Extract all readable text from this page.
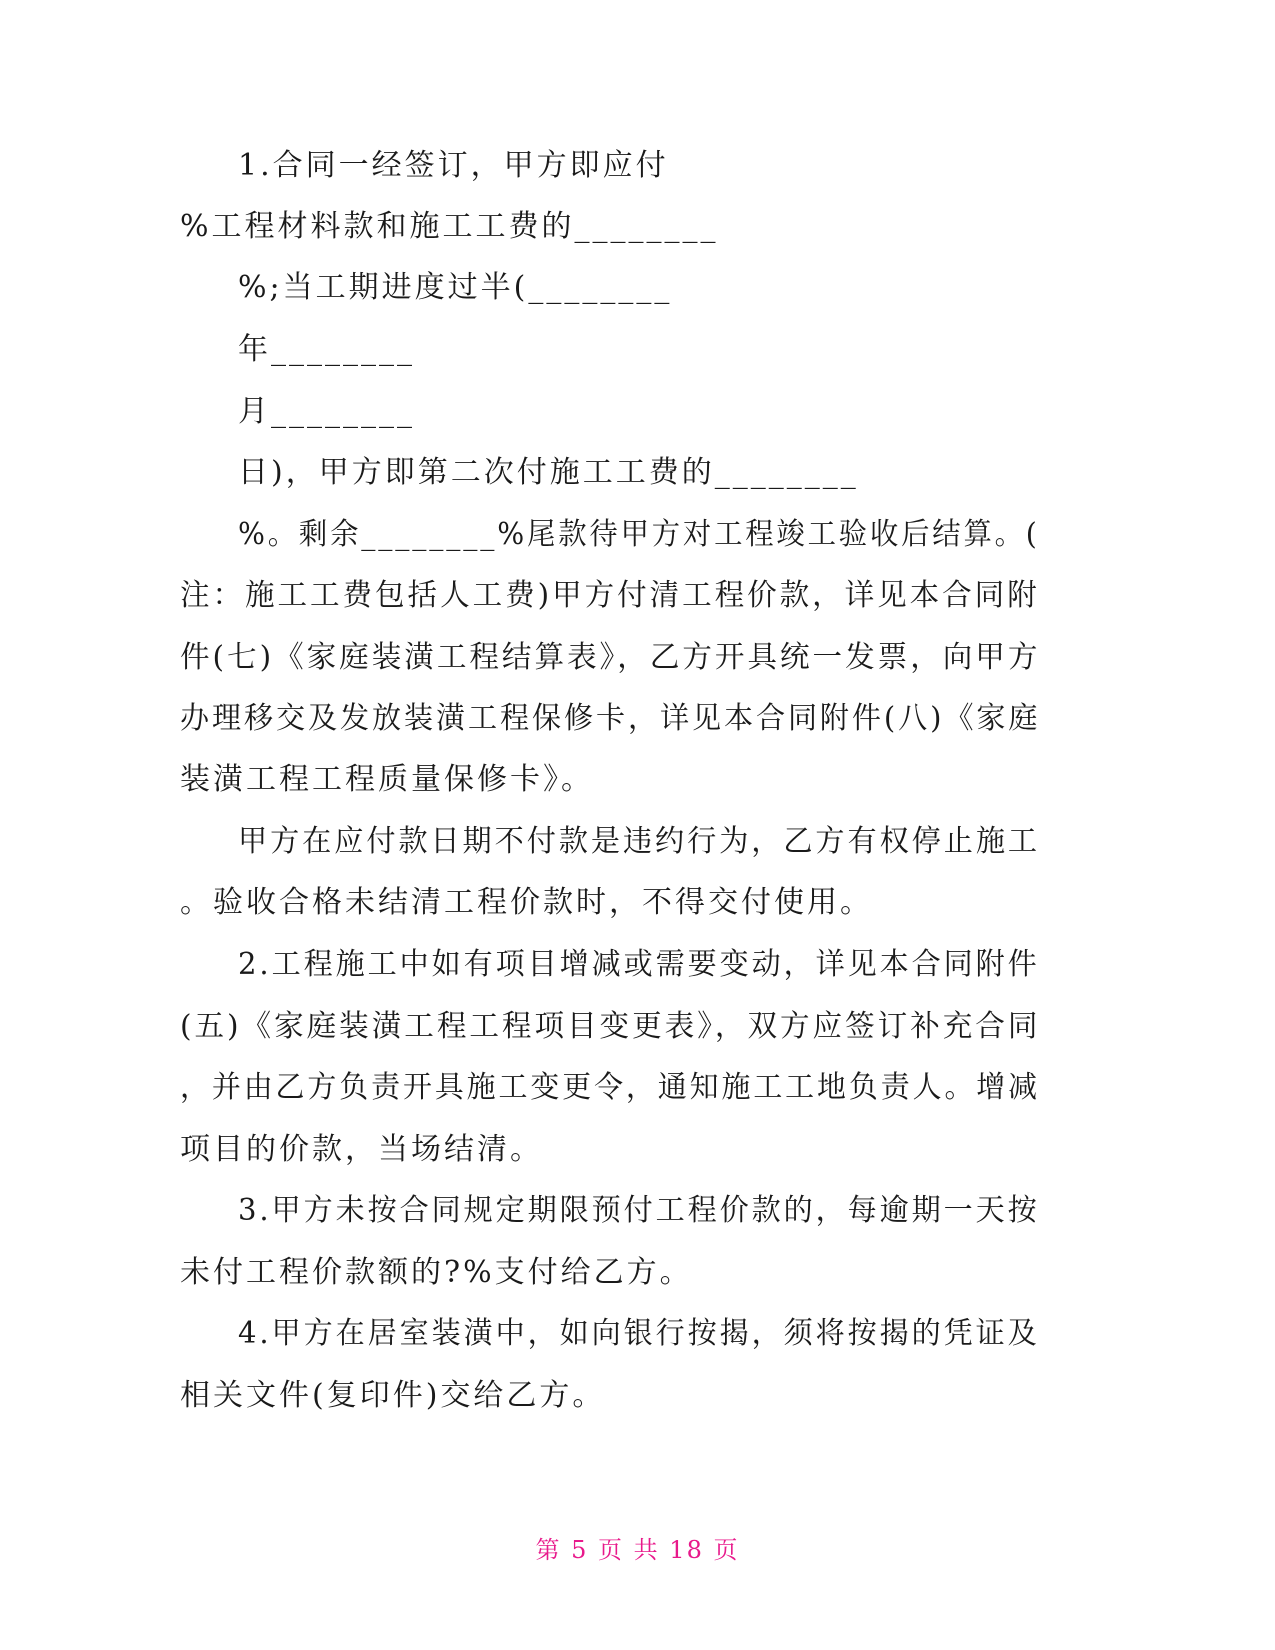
1.合同一经签订，甲方即应付
%工程材料款和施工工费的________
%;当工期进度过半(________
年________
月________
日)，甲方即第二次付施工工费的________
%。剩余________%尾款待甲方对工程竣工验收后结算。(
注：施工工费包括人工费)甲方付清工程价款，详见本合同附
件(七)《家庭装潢工程结算表》，乙方开具统一发票，向甲方
办理移交及发放装潢工程保修卡，详见本合同附件(八)《家庭
装潢工程工程质量保修卡》。
甲方在应付款日期不付款是违约行为，乙方有权停止施工
。验收合格未结清工程价款时，不得交付使用。
2.工程施工中如有项目增减或需要变动，详见本合同附件
(五)《家庭装潢工程工程项目变更表》，双方应签订补充合同
，并由乙方负责开具施工变更令，通知施工工地负责人。增减
项目的价款，当场结清。
3.甲方未按合同规定期限预付工程价款的，每逾期一天按
未付工程价款额的?%支付给乙方。
4.甲方在居室装潢中，如向银行按揭，须将按揭的凭证及
相关文件(复印件)交给乙方。
第 5 页 共 18 页
